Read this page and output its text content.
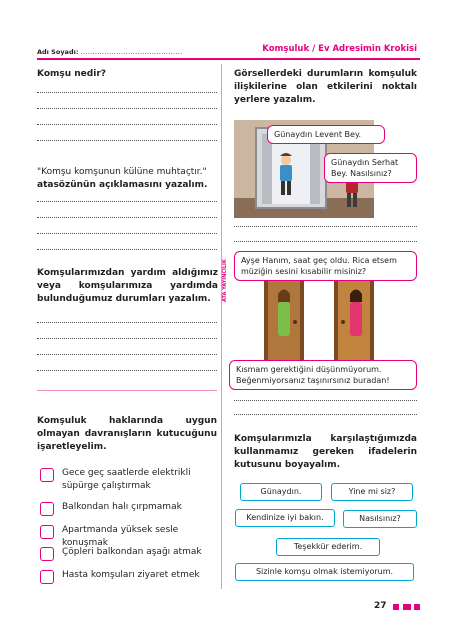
Adı Soyadı: ...........................................	Komşuluk / Ev Adresimin Krokisi
ATA YAYINCILIK
Komşu nedir?
"Komşu komşunun külüne muhtaçtır."
atasözünün açıklamasını yazalım.
Komşularımızdan yardım aldığımız veya komşularımıza yardımda bulunduğumuz durumları yazalım.
Komşuluk haklarında uygun olmayan davranışların kutucuğunu işaretleyelim.
Gece geç saatlerde elektrikli süpürge çalıştırmak
Balkondan halı çırpmamak
Apartmanda yüksek sesle konuşmak
Çöpleri balkondan aşağı atmak
Hasta komşuları ziyaret etmek
Görsellerdeki durumların komşuluk ilişkilerine olan etkilerini noktalı yerlere yazalım.
Günaydın Levent Bey.
Günaydın Serhat Bey. Nasılsınız?
Ayşe Hanım, saat geç oldu. Rica etsem müziğin sesini kısabilir misiniz?
Kısmam gerektiğini düşünmüyorum. Beğenmiyorsanız taşınırsınız buradan!
Komşularımızla karşılaştığımızda kullanmamız gereken ifadelerin kutusunu boyayalım.
Günaydın.	Yine mi siz?
Kendinize iyi bakın.	Nasılsınız?
Teşekkür ederim.
Sizinle komşu olmak istemiyorum.
27
